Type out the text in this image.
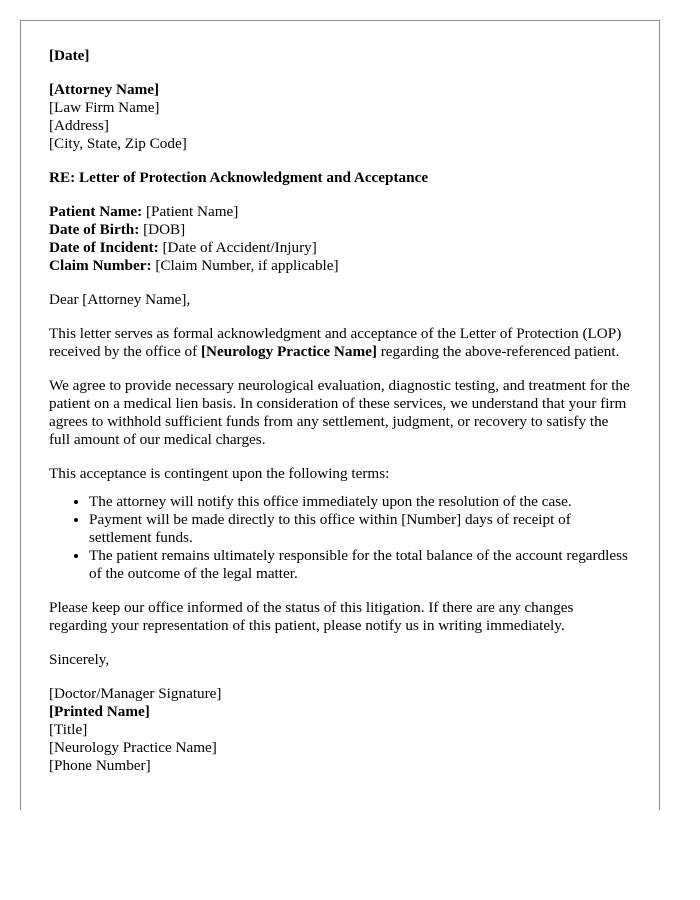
[Date]
[Attorney Name]
[Law Firm Name]
[Address]
[City, State, Zip Code]
RE: Letter of Protection Acknowledgment and Acceptance
Patient Name: [Patient Name]
Date of Birth: [DOB]
Date of Incident: [Date of Accident/Injury]
Claim Number: [Claim Number, if applicable]
Dear [Attorney Name],
This letter serves as formal acknowledgment and acceptance of the Letter of Protection (LOP) received by the office of [Neurology Practice Name] regarding the above-referenced patient.
We agree to provide necessary neurological evaluation, diagnostic testing, and treatment for the patient on a medical lien basis. In consideration of these services, we understand that your firm agrees to withhold sufficient funds from any settlement, judgment, or recovery to satisfy the full amount of our medical charges.
This acceptance is contingent upon the following terms:
• The attorney will notify this office immediately upon the resolution of the case.
• Payment will be made directly to this office within [Number] days of receipt of settlement funds.
• The patient remains ultimately responsible for the total balance of the account regardless of the outcome of the legal matter.
Please keep our office informed of the status of this litigation. If there are any changes regarding your representation of this patient, please notify us in writing immediately.
Sincerely,
[Doctor/Manager Signature]
[Printed Name]
[Title]
[Neurology Practice Name]
[Phone Number]
